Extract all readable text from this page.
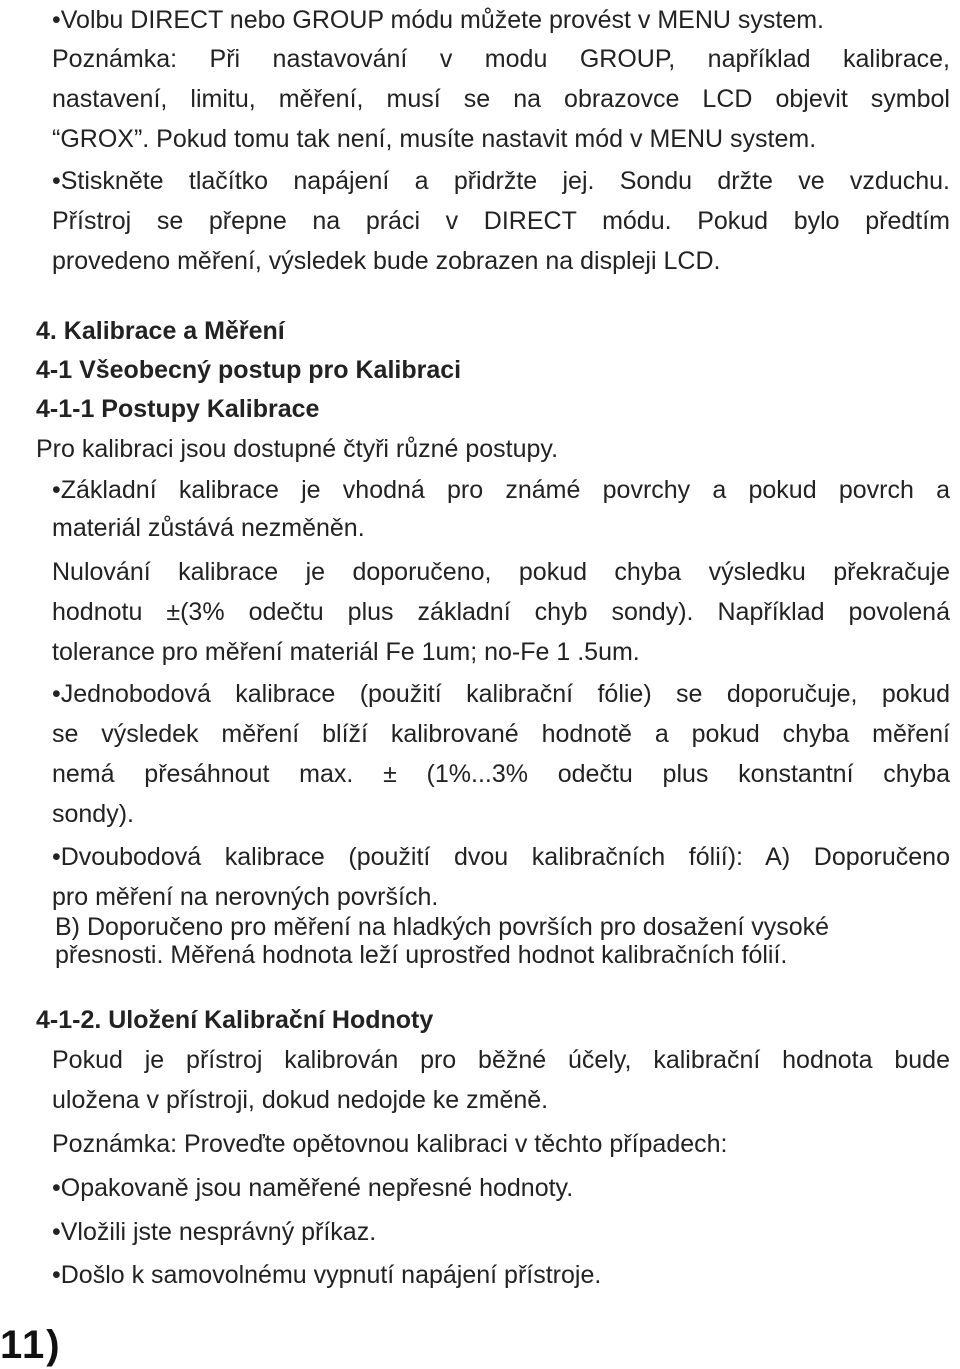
•Volbu DIRECT nebo GROUP módu můžete provést v MENU system.

Poznámka: Při nastavování v modu GROUP, například kalibrace,

nastavení, limitu, měření, musí se na obrazovce LCD objevit symbol

“GROX”. Pokud tomu tak není, musíte nastavit mód v MENU system.

•Stiskněte tlačítko napájení a přidržte jej. Sondu držte ve vzduchu.

Přístroj se přepne na práci v DIRECT módu. Pokud bylo předtím

provedeno měření, výsledek bude zobrazen na displeji LCD.

4. Kalibrace a Měření

4-1 Všeobecný postup pro Kalibraci

4-1-1 Postupy Kalibrace

Pro kalibraci jsou dostupné čtyři různé postupy.

•Základní kalibrace je vhodná pro známé povrchy a pokud povrch a

materiál zůstává nezměněn.

Nulování kalibrace je doporučeno, pokud chyba výsledku překračuje

hodnotu ±(3% odečtu plus základní chyb sondy). Například povolená

tolerance pro měření materiál Fe 1um; no-Fe 1 .5um.

•Jednobodová kalibrace (použití kalibrační fólie) se doporučuje, pokud

se výsledek měření blíží kalibrované hodnotě a pokud chyba měření

nemá přesáhnout max. ± (1%...3% odečtu plus konstantní chyba

sondy).

•Dvoubodová kalibrace (použití dvou kalibračních fólií): A) Doporučeno

pro měření na nerovných površích.

B) Doporučeno pro měření na hladkých površích pro dosažení vysoké

přesnosti. Měřená hodnota leží uprostřed hodnot kalibračních fólií.

4-1-2. Uložení Kalibrační Hodnoty

Pokud je přístroj kalibrován pro běžné účely, kalibrační hodnota bude

uložena v přístroji, dokud nedojde ke změně.

Poznámka: Proveďte opětovnou kalibraci v těchto případech:

•Opakovaně jsou naměřené nepřesné hodnoty.

•Vložili jste nesprávný příkaz.

•Došlo k samovolnému vypnutí napájení přístroje.

11)
